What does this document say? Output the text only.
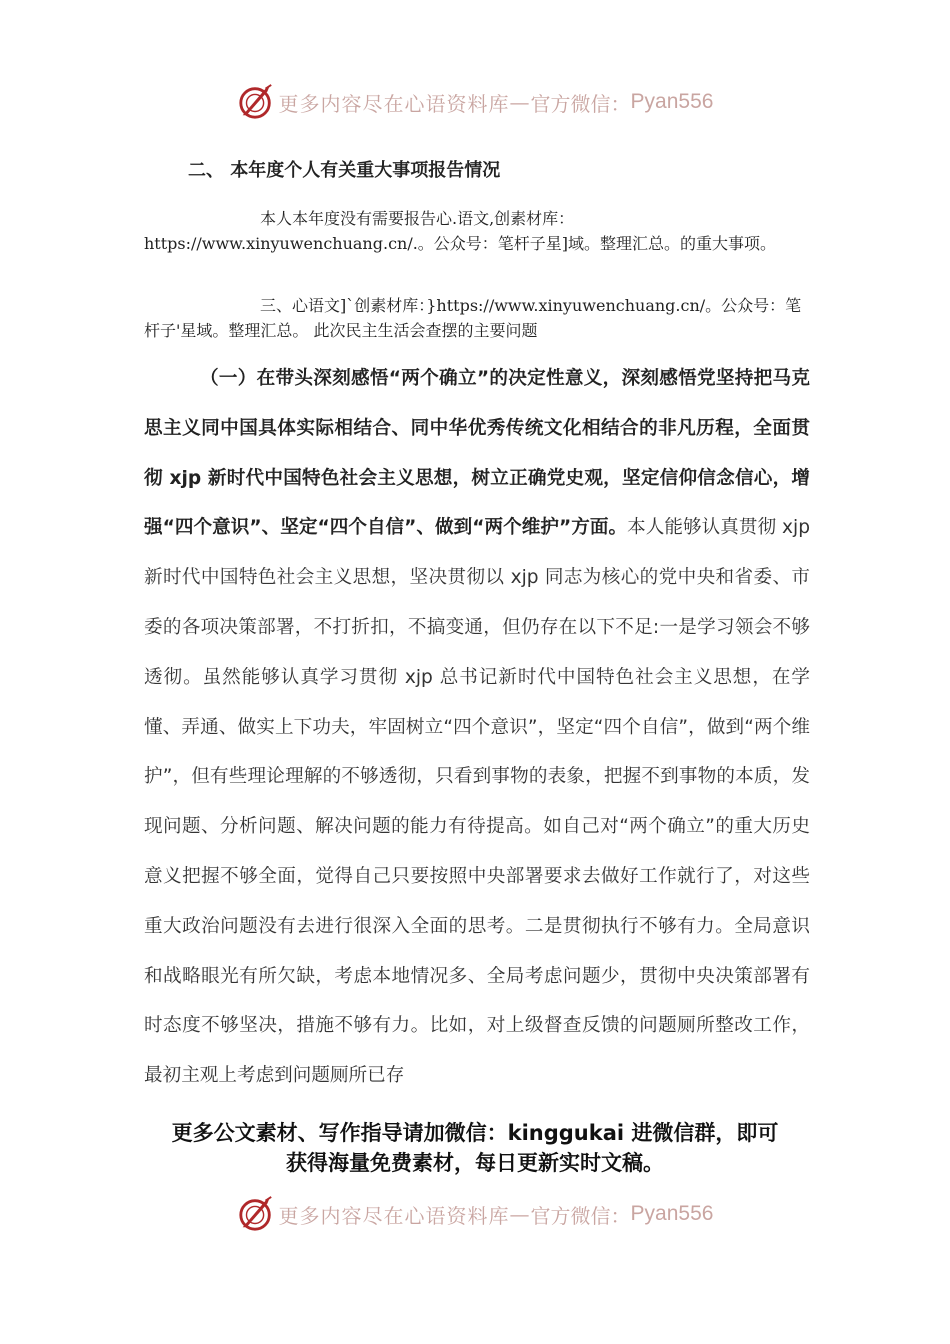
更多内容尽在心语资料库 — 官方微信： Pyan556
二、 本年度个人有关重大事项报告情况
本人本年度没有需要报告心.语文,创素材库：https://www.xinyuwenchuang.cn/.。公众号：笔杆子星]域。整理汇总。的重大事项。
三、心语文]`创素材库：}https://www.xinyuwenchuang.cn/。公众号：笔杆子'星域。整理汇总。 此次民主生活会查摆的主要问题
（一）在带头深刻感悟“两个确立”的决定性意义，深刻感悟党坚持把马克思主义同中国具体实际相结合、同中华优秀传统文化相结合的非凡历程，全面贯彻 xjp 新时代中国特色社会主义思想，树立正确党史观，坚定信仰信念信心，增强“四个意识”、坚定“四个自信”、做到“两个维护”方面。本人能够认真贯彻 xjp 新时代中国特色社会主义思想，坚决贯彻以 xjp 同志为核心的党中央和省委、市委的各项决策部署，不打折扣，不搞变通，但仍存在以下不足:一是学习领会不够透彻。虽然能够认真学习贯彻 xjp 总书记新时代中国特色社会主义思想，在学懂、弄通、做实上下功夫，牢固树立“四个意识”，坚定“四个自信”，做到“两个维护”，但有些理论理解的不够透彻，只看到事物的表象，把握不到事物的本质，发现问题、分析问题、解决问题的能力有待提高。如自己对“两个确立”的重大历史意义把握不够全面，觉得自己只要按照中央部署要求去做好工作就行了，对这些重大政治问题没有去进行很深入全面的思考。二是贯彻执行不够有力。全局意识和战略眼光有所欠缺，考虑本地情况多、全局考虑问题少，贯彻中央决策部署有时态度不够坚决，措施不够有力。比如，对上级督查反馈的问题厕所整改工作，最初主观上考虑到问题厕所已存
更多公文素材、写作指导请加微信：kinggukai 进微信群，即可
获得海量免费素材，每日更新实时文稿。
更多内容尽在心语资料库 — 官方微信： Pyan556
